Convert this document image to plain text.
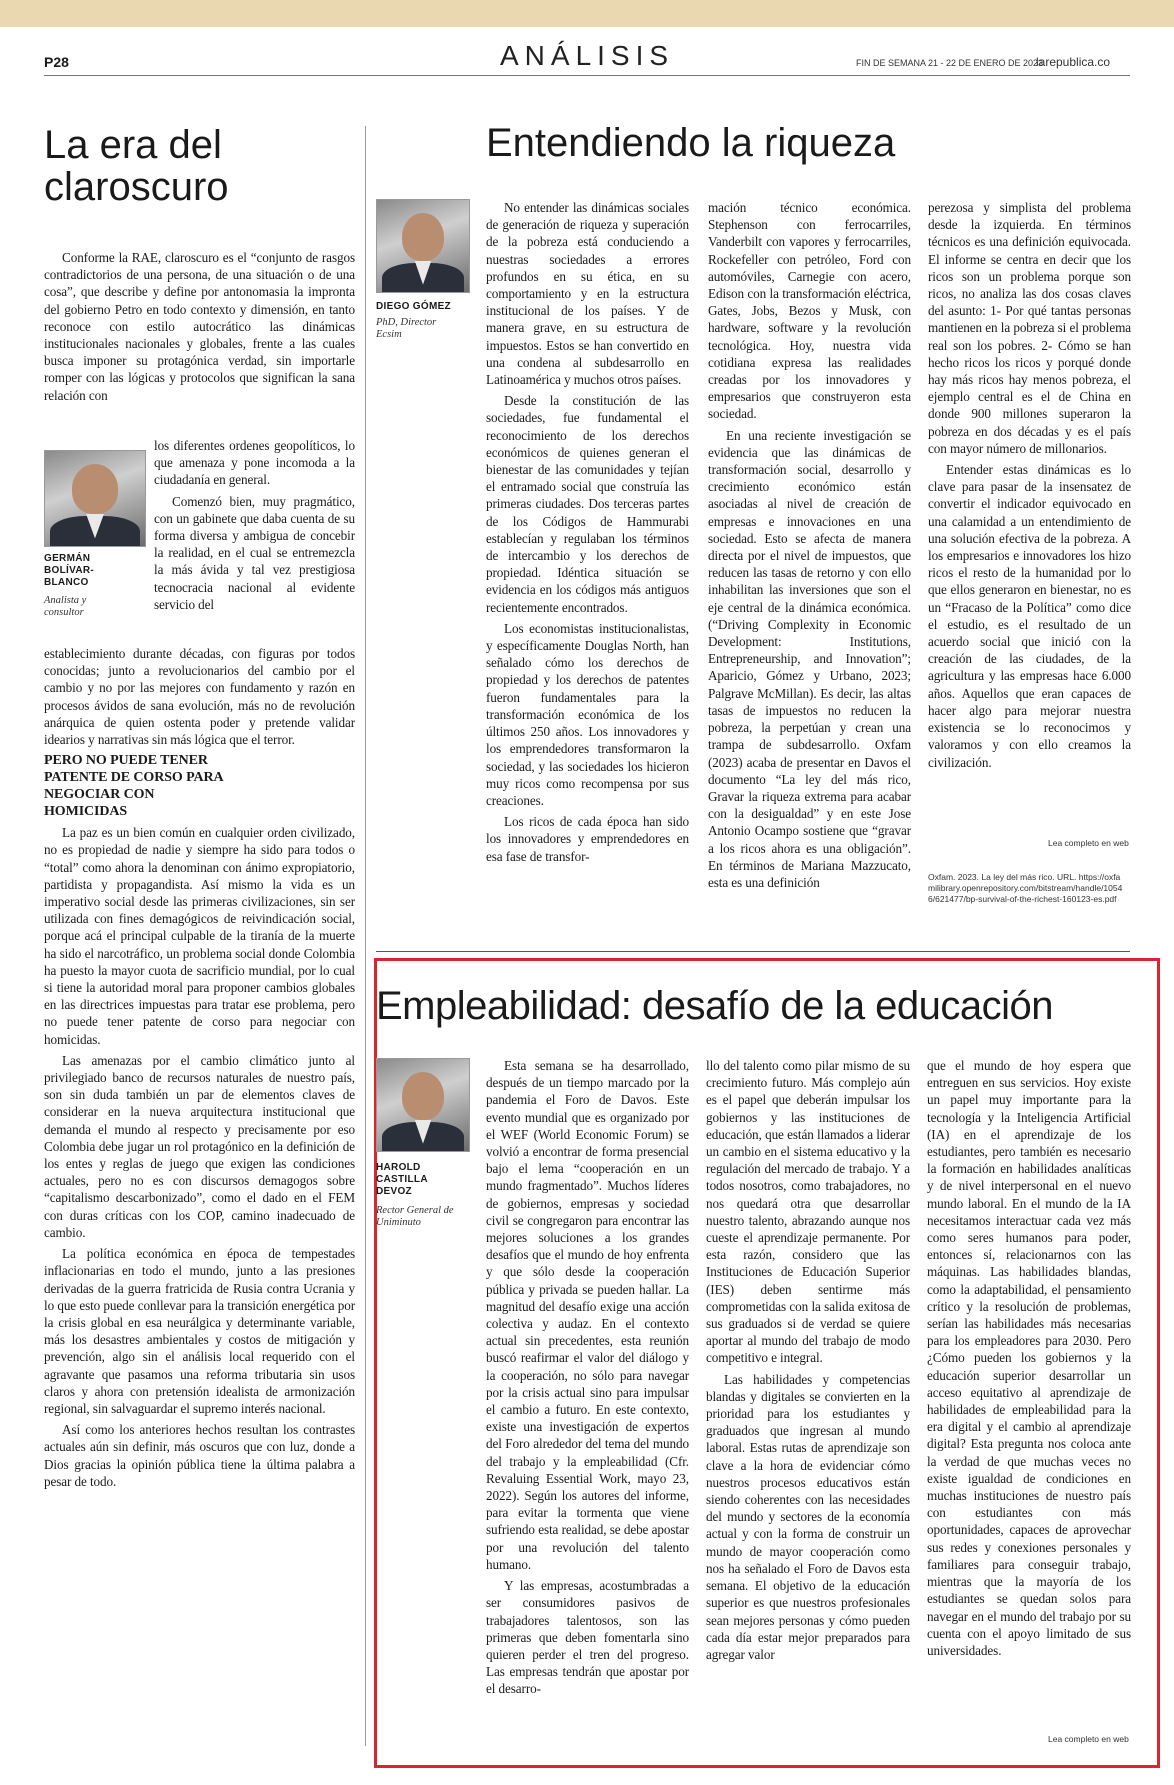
P28	ANÁLISIS	FIN DE SEMANA 21 - 22 DE ENERO DE 2023
larepublica.co
La era del claroscuro

Conforme la RAE, claroscuro es el “conjunto de rasgos contradictorios de una persona, de una situación o de una cosa”, que describe y define por antonomasia la impronta del gobierno Petro en todo contexto y dimensión, en tanto reconoce con estilo autocrático las dinámicas institucionales nacionales y globales, frente a las cuales busca imponer su protagónica verdad, sin importarle romper con las lógicas y protocolos que significan la sana relación con

GERMÁN BOLÍVAR-BLANCO
Analista y consultor

los diferentes ordenes geopolíticos, lo que amenaza y pone incomoda a la ciudadanía en general.

Comenzó bien, muy pragmático, con un gabinete que daba cuenta de su forma diversa y ambigua de concebir la realidad, en el cual se entremezcla la más ávida y tal vez prestigiosa tecnocracia nacional al evidente servicio del

establecimiento durante décadas, con figuras por todos conocidas; junto a revolucionarios del cambio por el cambio y no por las mejores con fundamento y razón en procesos ávidos de sana evolución, más no de revolución anárquica de quien ostenta poder y pretende validar idearios y narrativas sin más lógica que el terror.

PERO NO PUEDE TENER PATENTE DE CORSO PARA NEGOCIAR CON HOMICIDAS

La paz es un bien común en cualquier orden civilizado, no es propiedad de nadie y siempre ha sido para todos o “total” como ahora la denominan con ánimo expropiatorio, partidista y propagandista. Así mismo la vida es un imperativo social desde las primeras civilizaciones, sin ser utilizada con fines demagógicos de reivindicación social, porque acá el principal culpable de la tiranía de la muerte ha sido el narcotráfico, un problema social donde Colombia ha puesto la mayor cuota de sacrificio mundial, por lo cual si tiene la autoridad moral para proponer cambios globales en las directrices impuestas para tratar ese problema, pero no puede tener patente de corso para negociar con homicidas.

Las amenazas por el cambio climático junto al privilegiado banco de recursos naturales de nuestro país, son sin duda también un par de elementos claves de considerar en la nueva arquitectura institucional que demanda el mundo al respecto y precisamente por eso Colombia debe jugar un rol protagónico en la definición de los entes y reglas de juego que exigen las condiciones actuales, pero no es con discursos demagogos sobre “capitalismo descarbonizado”, como el dado en el FEM con duras críticas con los COP, camino inadecuado de cambio.

La política económica en época de tempestades inflacionarias en todo el mundo, junto a las presiones derivadas de la guerra fratricida de Rusia contra Ucrania y lo que esto puede conllevar para la transición energética por la crisis global en esa neurálgica y determinante variable, más los desastres ambientales y costos de mitigación y prevención, algo sin el análisis local requerido con el agravante que pasamos una reforma tributaria sin usos claros y ahora con pretensión idealista de armonización regional, sin salvaguardar el supremo interés nacional.

Así como los anteriores hechos resultan los contrastes actuales aún sin definir, más oscuros que con luz, donde a Dios gracias la opinión pública tiene la última palabra a pesar de todo.

Entendiendo la riqueza
DIEGO GÓMEZ
PhD, Director Ecsim

No entender las dinámicas sociales de generación de riqueza y superación de la pobreza está conduciendo a nuestras sociedades a errores profundos en su ética, en su comportamiento y en la estructura institucional de los países. Y de manera grave, en su estructura de impuestos. Estos se han convertido en una condena al subdesarrollo en Latinoamérica y muchos otros países.

Desde la constitución de las sociedades, fue fundamental el reconocimiento de los derechos económicos de quienes generan el bienestar de las comunidades y tejían el entramado social que construía las primeras ciudades. Dos terceras partes de los Códigos de Hammurabi establecían y regulaban los términos de intercambio y los derechos de propiedad. Idéntica situación se evidencia en los códigos más antiguos recientemente encontrados.

Los economistas institucionalistas, y específicamente Douglas North, han señalado cómo los derechos de propiedad y los derechos de patentes fueron fundamentales para la transformación económica de los últimos 250 años. Los innovadores y los emprendedores transformaron la sociedad, y las sociedades los hicieron muy ricos como recompensa por sus creaciones.

Los ricos de cada época han sido los innovadores y emprendedores en esa fase de transfor-

mación técnico económica. Stephenson con ferrocarriles, Vanderbilt con vapores y ferrocarriles, Rockefeller con petróleo, Ford con automóviles, Carnegie con acero, Edison con la transformación eléctrica, Gates, Jobs, Bezos y Musk, con hardware, software y la revolución tecnológica. Hoy, nuestra vida cotidiana expresa las realidades creadas por los innovadores y empresarios que construyeron esta sociedad.

En una reciente investigación se evidencia que las dinámicas de transformación social, desarrollo y crecimiento económico están asociadas al nivel de creación de empresas e innovaciones en una sociedad. Esto se afecta de manera directa por el nivel de impuestos, que reducen las tasas de retorno y con ello inhabilitan las inversiones que son el eje central de la dinámica económica. (“Driving Complexity in Economic Development: Institutions, Entrepreneurship, and Innovation”; Aparicio, Gómez y Urbano, 2023; Palgrave McMillan). Es decir, las altas tasas de impuestos no reducen la pobreza, la perpetúan y crean una trampa de subdesarrollo. Oxfam (2023) acaba de presentar en Davos el documento “La ley del más rico, Gravar la riqueza extrema para acabar con la desigualdad” y en este Jose Antonio Ocampo sostiene que “gravar a los ricos ahora es una obligación”. En términos de Mariana Mazzucato, esta es una definición

perezosa y simplista del problema desde la izquierda. En términos técnicos es una definición equivocada. El informe se centra en decir que los ricos son un problema porque son ricos, no analiza las dos cosas claves del asunto: 1- Por qué tantas personas mantienen en la pobreza si el problema real son los pobres. 2- Cómo se han hecho ricos los ricos y porqué donde hay más ricos hay menos pobreza, el ejemplo central es el de China en donde 900 millones superaron la pobreza en dos décadas y es el país con mayor número de millonarios.

Entender estas dinámicas es lo clave para pasar de la insensatez de convertir el indicador equivocado en una calamidad a un entendimiento de una solución efectiva de la pobreza. A los empresarios e innovadores los hizo ricos el resto de la humanidad por lo que ellos generaron en bienestar, no es un “Fracaso de la Política” como dice el estudio, es el resultado de un acuerdo social que inició con la creación de las ciudades, de la agricultura y las empresas hace 6.000 años. Aquellos que eran capaces de hacer algo para mejorar nuestra existencia se lo reconocimos y valoramos y con ello creamos la civilización.

Lea completo en web
Oxfam. 2023. La ley del más rico. URL. https://oxfamilibrary.openrepository.com/bitstream/handle/10546/621477/bp-survival-of-the-richest-160123-es.pdf
Empleabilidad: desafío de la educación
HAROLD CASTILLA DEVOZ
Rector General de Uniminuto

Esta semana se ha desarrollado, después de un tiempo marcado por la pandemia el Foro de Davos. Este evento mundial que es organizado por el WEF (World Economic Forum) se volvió a encontrar de forma presencial bajo el lema “cooperación en un mundo fragmentado”. Muchos líderes de gobiernos, empresas y sociedad civil se congregaron para encontrar las mejores soluciones a los grandes desafíos que el mundo de hoy enfrenta y que sólo desde la cooperación pública y privada se pueden hallar. La magnitud del desafío exige una acción colectiva y audaz. En el contexto actual sin precedentes, esta reunión buscó reafirmar el valor del diálogo y la cooperación, no sólo para navegar por la crisis actual sino para impulsar el cambio a futuro. En este contexto, existe una investigación de expertos del Foro alrededor del tema del mundo del trabajo y la empleabilidad (Cfr. Revaluing Essential Work, mayo 23, 2022). Según los autores del informe, para evitar la tormenta que viene sufriendo esta realidad, se debe apostar por una revolución del talento humano.

Y las empresas, acostumbradas a ser consumidores pasivos de trabajadores talentosos, son las primeras que deben fomentarla sino quieren perder el tren del progreso. Las empresas tendrán que apostar por el desarro-

llo del talento como pilar mismo de su crecimiento futuro. Más complejo aún es el papel que deberán impulsar los gobiernos y las instituciones de educación, que están llamados a liderar un cambio en el sistema educativo y la regulación del mercado de trabajo. Y a todos nosotros, como trabajadores, no nos quedará otra que desarrollar nuestro talento, abrazando aunque nos cueste el aprendizaje permanente. Por esta razón, considero que las Instituciones de Educación Superior (IES) deben sentirme más comprometidas con la salida exitosa de sus graduados si de verdad se quiere aportar al mundo del trabajo de modo competitivo e integral.

Las habilidades y competencias blandas y digitales se convierten en la prioridad para los estudiantes y graduados que ingresan al mundo laboral. Estas rutas de aprendizaje son clave a la hora de evidenciar cómo nuestros procesos educativos están siendo coherentes con las necesidades del mundo y sectores de la economía actual y con la forma de construir un mundo de mayor cooperación como nos ha señalado el Foro de Davos esta semana. El objetivo de la educación superior es que nuestros profesionales sean mejores personas y cómo pueden cada día estar mejor preparados para agregar valor

que el mundo de hoy espera que entreguen en sus servicios. Hoy existe un papel muy importante para la tecnología y la Inteligencia Artificial (IA) en el aprendizaje de los estudiantes, pero también es necesario la formación en habilidades analíticas y de nivel interpersonal en el nuevo mundo laboral. En el mundo de la IA necesitamos interactuar cada vez más como seres humanos para poder, entonces sí, relacionarnos con las máquinas. Las habilidades blandas, como la adaptabilidad, el pensamiento crítico y la resolución de problemas, serían las habilidades más necesarias para los empleadores para 2030. Pero ¿Cómo pueden los gobiernos y la educación superior desarrollar un acceso equitativo al aprendizaje de habilidades de empleabilidad para la era digital y el cambio al aprendizaje digital? Esta pregunta nos coloca ante la verdad de que muchas veces no existe igualdad de condiciones en muchas instituciones de nuestro país con estudiantes con más oportunidades, capaces de aprovechar sus redes y conexiones personales y familiares para conseguir trabajo, mientras que la mayoría de los estudiantes se quedan solos para navegar en el mundo del trabajo por su cuenta con el apoyo limitado de sus universidades.

Lea completo en web
